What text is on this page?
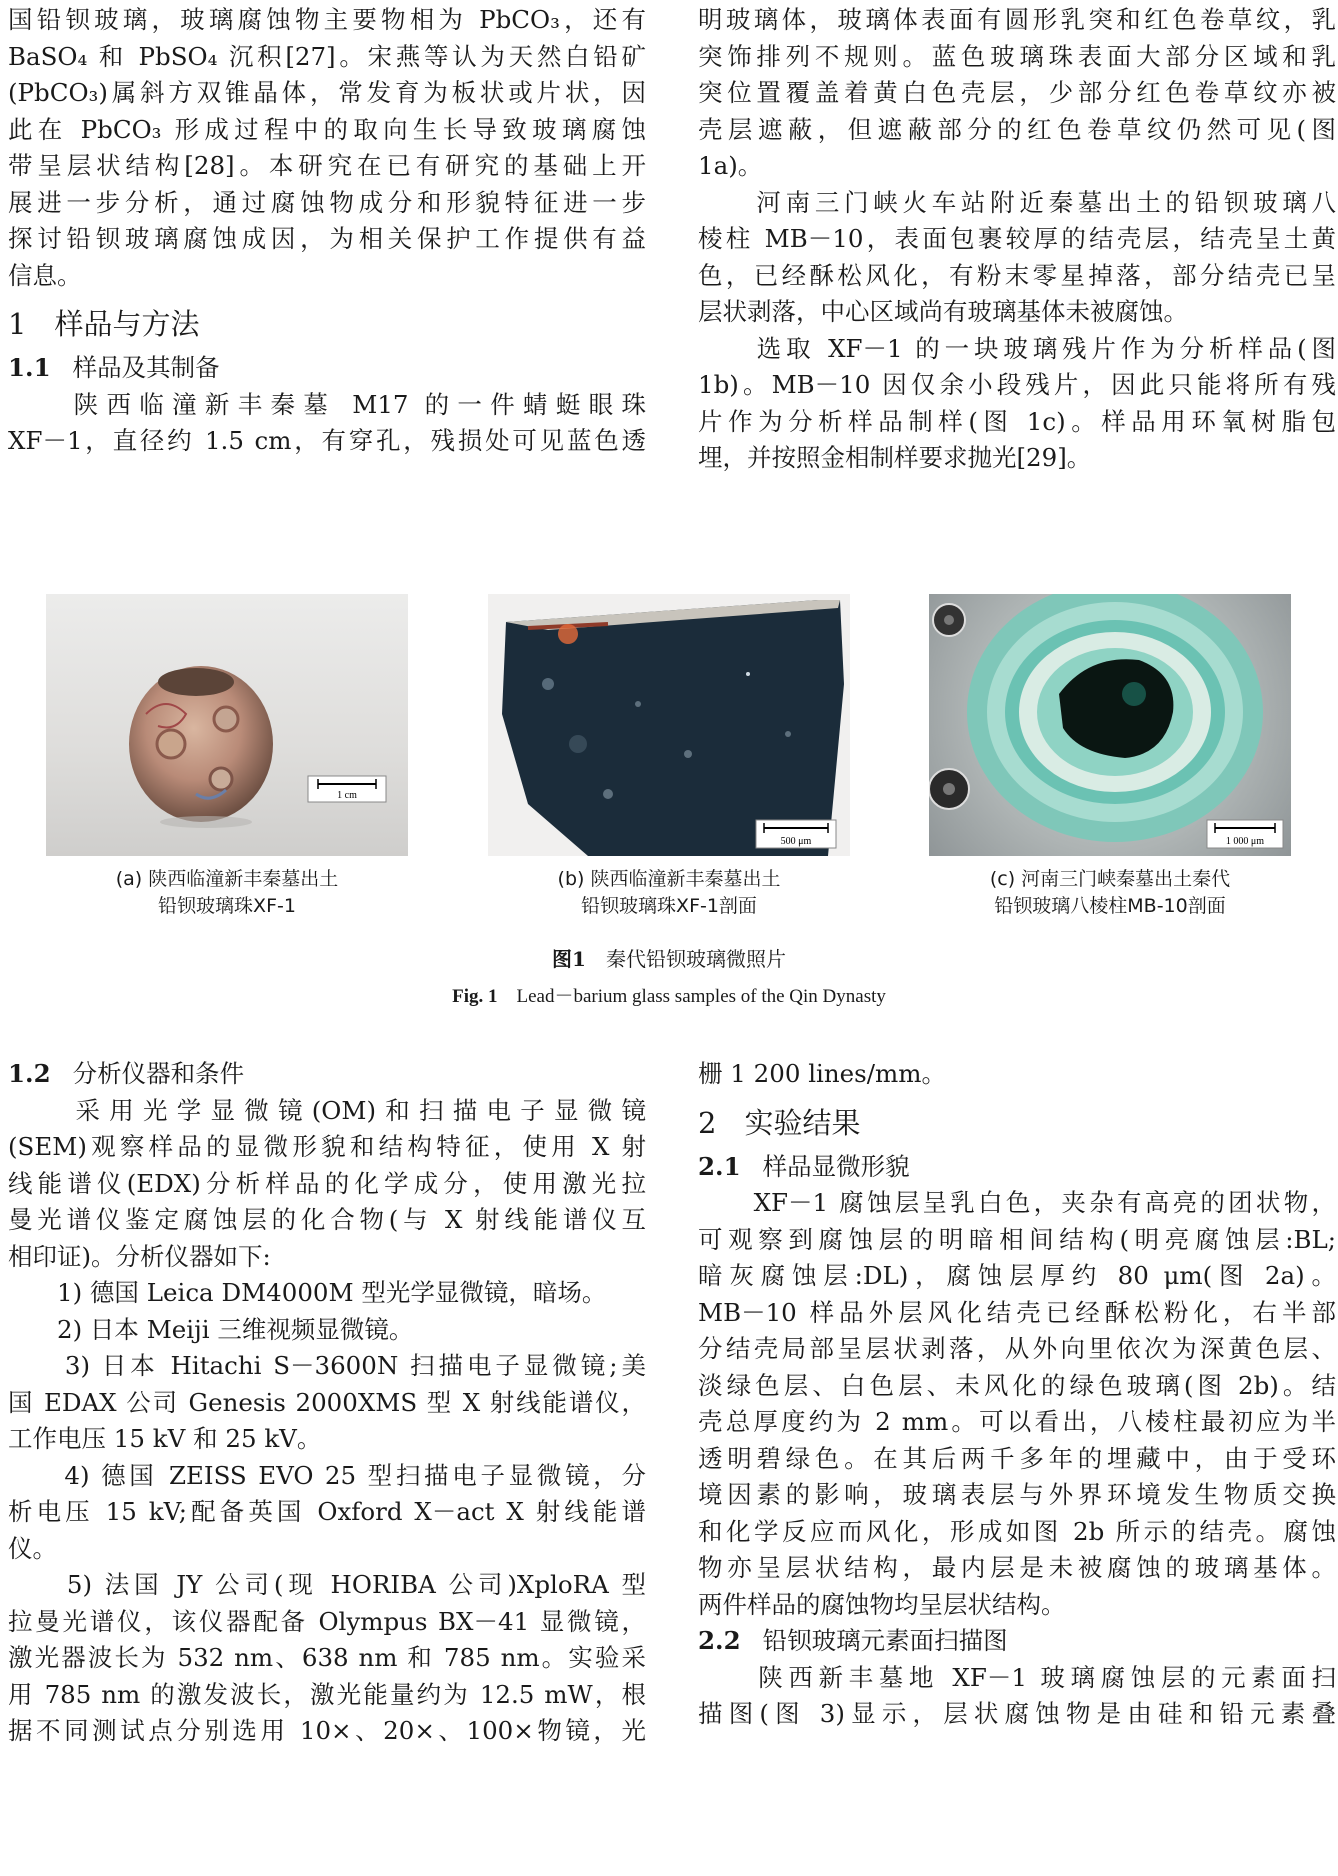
国铅钡玻璃，玻璃腐蚀物主要物相为 PbCO₃，还有
BaSO₄ 和 PbSO₄ 沉积[27]。宋燕等认为天然白铅矿
(PbCO₃)属斜方双锥晶体，常发育为板状或片状，因
此在 PbCO₃ 形成过程中的取向生长导致玻璃腐蚀
带呈层状结构[28]。本研究在已有研究的基础上开
展进一步分析，通过腐蚀物成分和形貌特征进一步
探讨铅钡玻璃腐蚀成因，为相关保护工作提供有益
信息。
1 样品与方法
1.1 样品及其制备
　　陕西临潼新丰秦墓 M17 的一件蜻蜓眼珠
XF－1，直径约 1.5 cm，有穿孔，残损处可见蓝色透
明玻璃体，玻璃体表面有圆形乳突和红色卷草纹，乳
突饰排列不规则。蓝色玻璃珠表面大部分区域和乳
突位置覆盖着黄白色壳层，少部分红色卷草纹亦被
壳层遮蔽，但遮蔽部分的红色卷草纹仍然可见(图
1a)。
　　河南三门峡火车站附近秦墓出土的铅钡玻璃八
棱柱 MB－10，表面包裹较厚的结壳层，结壳呈土黄
色，已经酥松风化，有粉末零星掉落，部分结壳已呈
层状剥落，中心区域尚有玻璃基体未被腐蚀。
　　选取 XF－1 的一块玻璃残片作为分析样品(图
1b)。MB－10 因仅余小段残片，因此只能将所有残
片作为分析样品制样(图 1c)。样品用环氧树脂包
埋，并按照金相制样要求抛光[29]。
1 cm
500 μm	1 000 μm
(a) 陕西临潼新丰秦墓出土
铅钡玻璃珠XF-1
(b) 陕西临潼新丰秦墓出土
铅钡玻璃珠XF-1剖面
(c) 河南三门峡秦墓出土秦代
铅钡玻璃八棱柱MB-10剖面
图1　 秦代铅钡玻璃微照片
Fig. 1　 Lead－barium glass samples of the Qin Dynasty
1.2 分析仪器和条件
　　采用光学显微镜(OM)和扫描电子显微镜
(SEM)观察样品的显微形貌和结构特征，使用 X 射
线能谱仪(EDX)分析样品的化学成分，使用激光拉
曼光谱仪鉴定腐蚀层的化合物(与 X 射线能谱仪互
相印证)。分析仪器如下:
　　1) 德国 Leica DM4000M 型光学显微镜，暗场。
　　2) 日本 Meiji 三维视频显微镜。
　　3) 日本 Hitachi S－3600N 扫描电子显微镜;美
国 EDAX 公司 Genesis 2000XMS 型 X 射线能谱仪，
工作电压 15 kV 和 25 kV。
　　4) 德国 ZEISS EVO 25 型扫描电子显微镜，分
析电压 15 kV;配备英国 Oxford X－act X 射线能谱
仪。
　　5) 法国 JY 公司(现 HORIBA 公司)XploRA 型
拉曼光谱仪，该仪器配备 Olympus BX－41 显微镜，
激光器波长为 532 nm、638 nm 和 785 nm。实验采
用 785 nm 的激发波长，激光能量约为 12.5 mW，根
据不同测试点分别选用 10×、20×、100×物镜，光
栅 1 200 lines/mm。
2 实验结果
2.1 样品显微形貌
　　XF－1 腐蚀层呈乳白色，夹杂有高亮的团状物，
可观察到腐蚀层的明暗相间结构(明亮腐蚀层:BL;
暗灰腐蚀层:DL)，腐蚀层厚约 80 μm(图 2a)。
MB－10 样品外层风化结壳已经酥松粉化，右半部
分结壳局部呈层状剥落，从外向里依次为深黄色层、
淡绿色层、白色层、未风化的绿色玻璃(图 2b)。结
壳总厚度约为 2 mm。可以看出，八棱柱最初应为半
透明碧绿色。在其后两千多年的埋藏中，由于受环
境因素的影响，玻璃表层与外界环境发生物质交换
和化学反应而风化，形成如图 2b 所示的结壳。腐蚀
物亦呈层状结构，最内层是未被腐蚀的玻璃基体。
两件样品的腐蚀物均呈层状结构。
2.2 铅钡玻璃元素面扫描图
　　陕西新丰墓地 XF－1 玻璃腐蚀层的元素面扫
描图(图 3)显示，层状腐蚀物是由硅和铅元素叠
